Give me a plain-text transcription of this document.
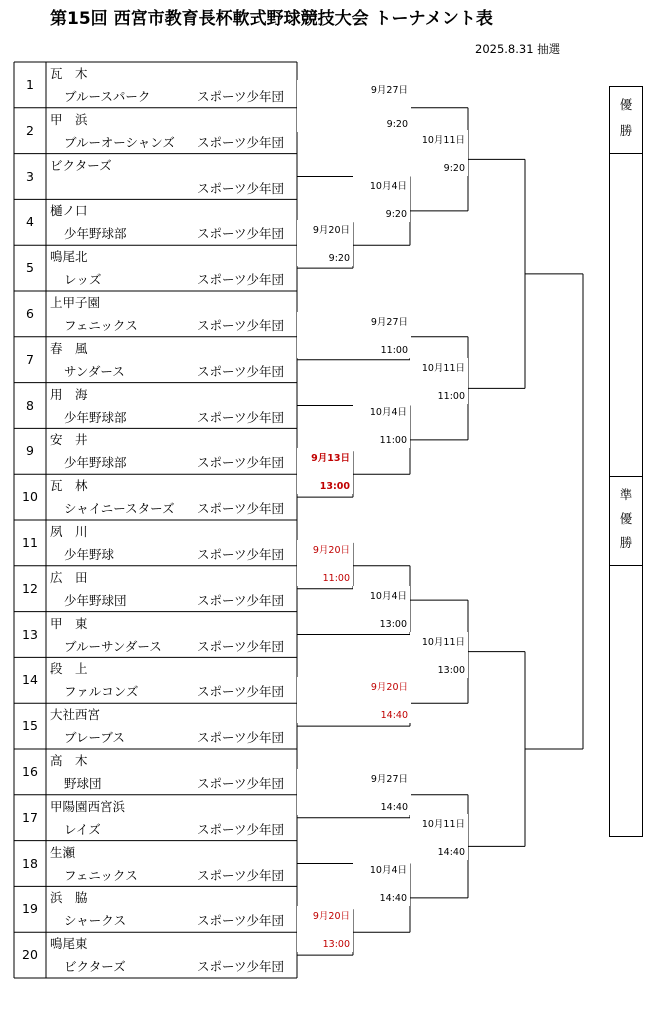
第15回 西宮市教育長杯軟式野球競技大会 トーナメント表
2025.8.31 抽選
1
瓦　木
ブルースパーク	スポーツ少年団
2
甲　浜
ブルーオーシャンズ スポーツ少年団
3
ビクターズ
スポーツ少年団
4
樋ノ口
少年野球部	スポーツ少年団
5
鳴尾北
レッズ	スポーツ少年団
6
上甲子園
フェニックス	スポーツ少年団
7
春　風
サンダース	スポーツ少年団
8
用　海
少年野球部	スポーツ少年団
9
安　井
少年野球部	スポーツ少年団
10
瓦　林
シャイニースターズ スポーツ少年団
11
夙　川
少年野球	スポーツ少年団
12
広　田
少年野球団	スポーツ少年団
13
甲　東
ブルーサンダース	スポーツ少年団
14
段　上
ファルコンズ	スポーツ少年団
15
大社西宮
ブレーブス	スポーツ少年団
16
高　木
野球団	スポーツ少年団
17
甲陽園西宮浜
レイズ	スポーツ少年団
18
生瀬
フェニックス	スポーツ少年団
19
浜　脇
シャークス	スポーツ少年団
20
鳴尾東
ビクターズ	スポーツ少年団
9月27日
9:20
9月20日
9:20
10月4日
9:20
10月11日
9:20
9月27日
11:00
10月4日
11:00
10月11日
11:00
9月13日
13:00
9月20日
11:00
10月4日
13:00
10月11日
13:00
9月20日
14:40
9月27日
14:40
10月4日
14:40
10月11日
14:40
9月20日
13:00
優
勝
準
優
勝
